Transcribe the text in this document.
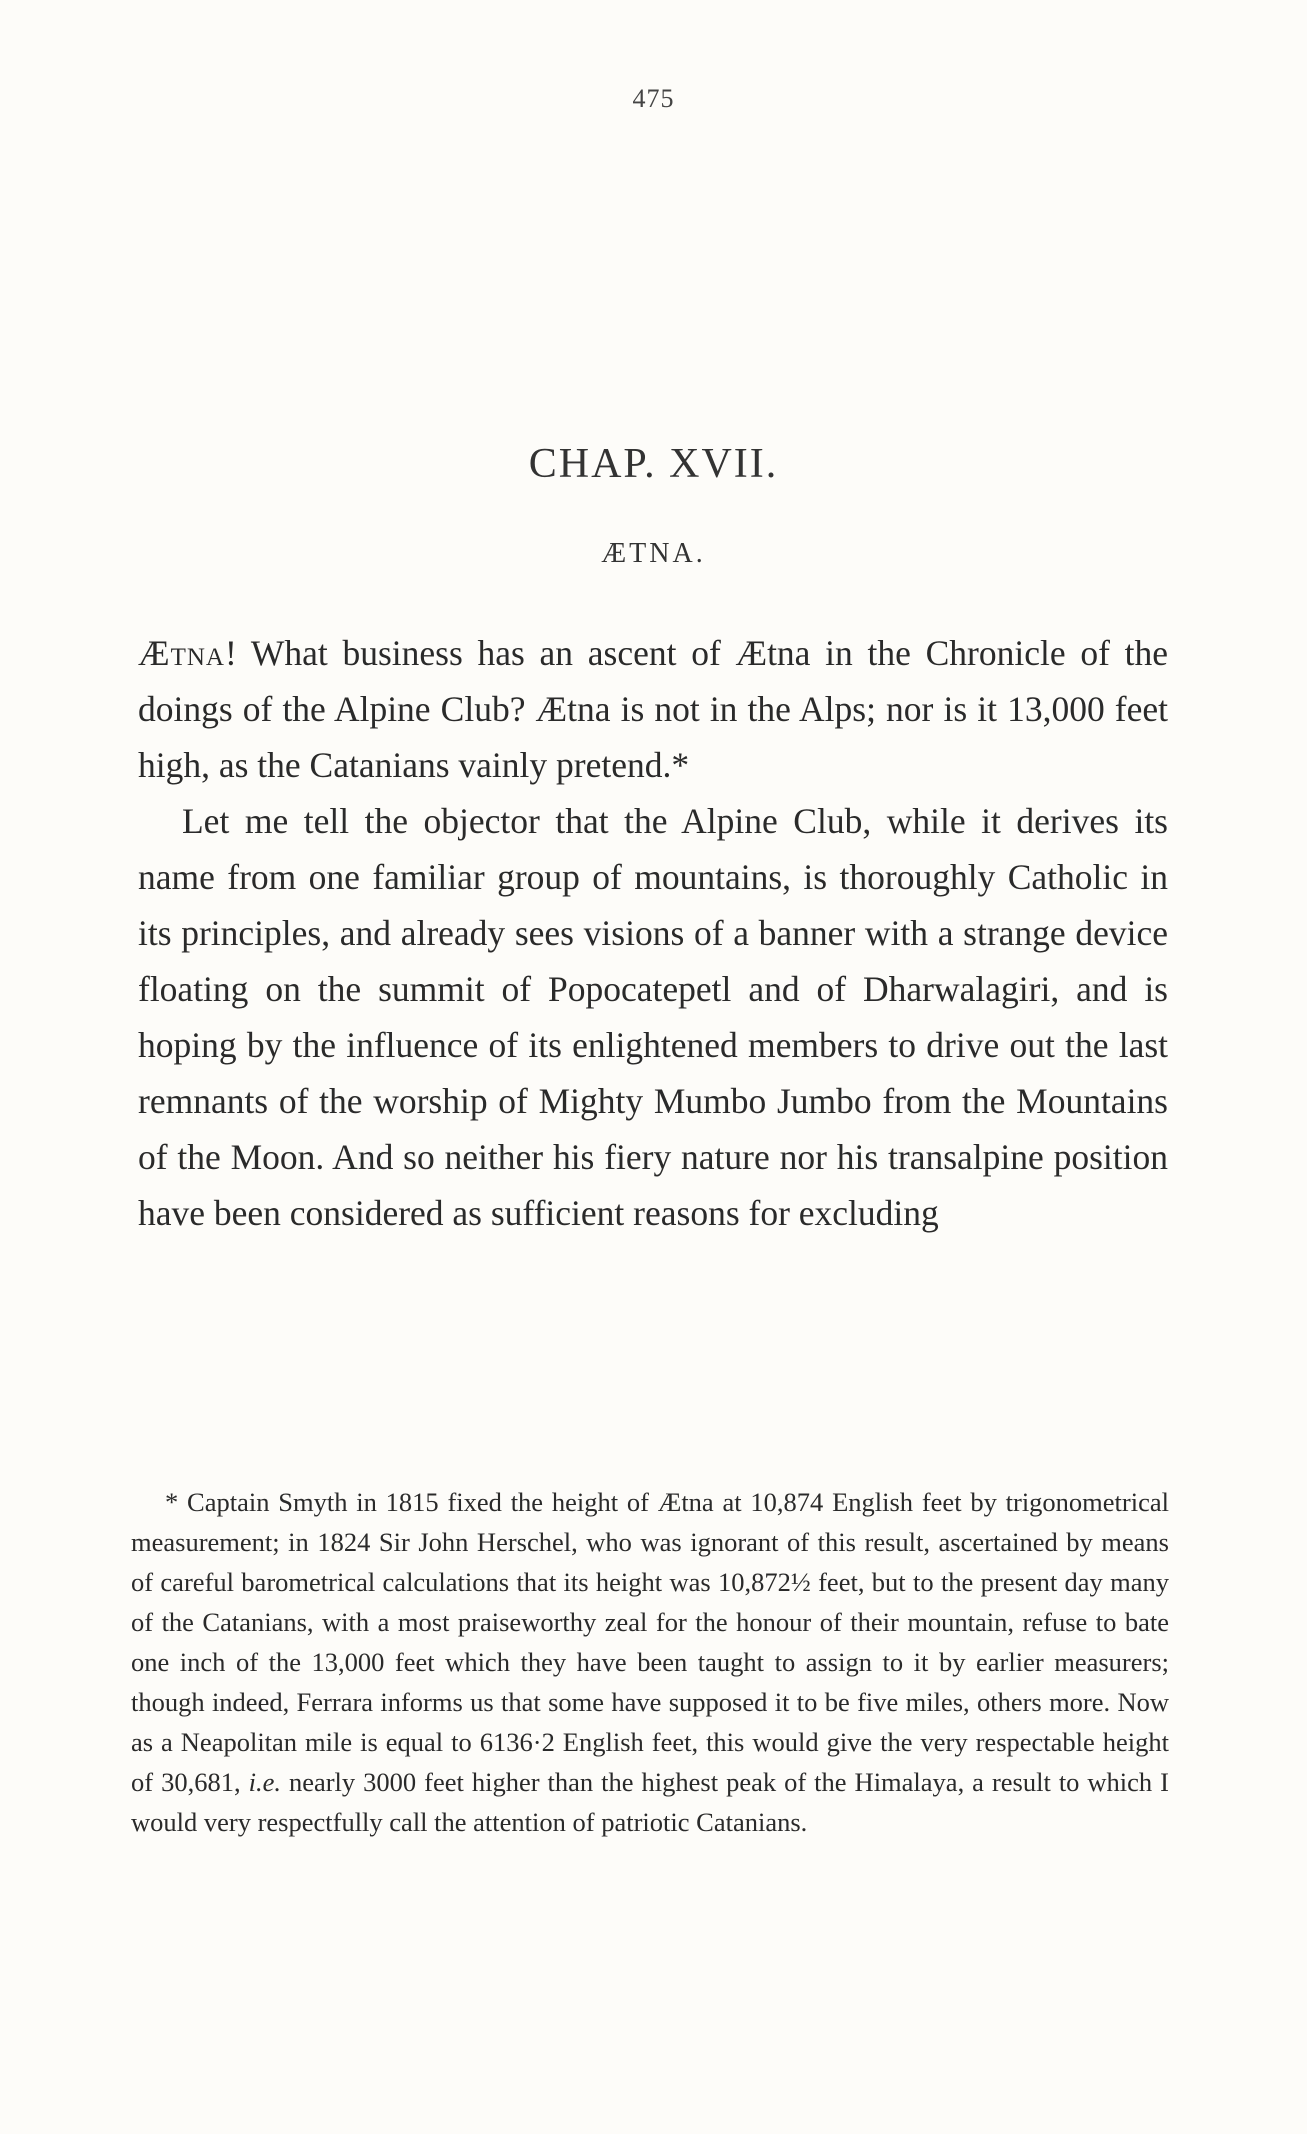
475
CHAP. XVII.
ÆTNA.

Ætna! What business has an ascent of Ætna in the Chronicle of the doings of the Alpine Club? Ætna is not in the Alps; nor is it 13,000 feet high, as the Catanians vainly pretend.*

Let me tell the objector that the Alpine Club, while it derives its name from one familiar group of mountains, is thoroughly Catholic in its principles, and already sees visions of a banner with a strange device floating on the summit of Popocatepetl and of Dharwalagiri, and is hoping by the influence of its enlightened members to drive out the last remnants of the worship of Mighty Mumbo Jumbo from the Mountains of the Moon. And so neither his fiery nature nor his transalpine position have been considered as sufficient reasons for excluding

* Captain Smyth in 1815 fixed the height of Ætna at 10,874 English feet by trigonometrical measurement; in 1824 Sir John Herschel, who was ignorant of this result, ascertained by means of careful barometrical calculations that its height was 10,872½ feet, but to the present day many of the Catanians, with a most praiseworthy zeal for the honour of their mountain, refuse to bate one inch of the 13,000 feet which they have been taught to assign to it by earlier measurers; though indeed, Ferrara informs us that some have supposed it to be five miles, others more. Now as a Neapolitan mile is equal to 6136·2 English feet, this would give the very respectable height of 30,681, i.e. nearly 3000 feet higher than the highest peak of the Himalaya, a result to which I would very respectfully call the attention of patriotic Catanians.
